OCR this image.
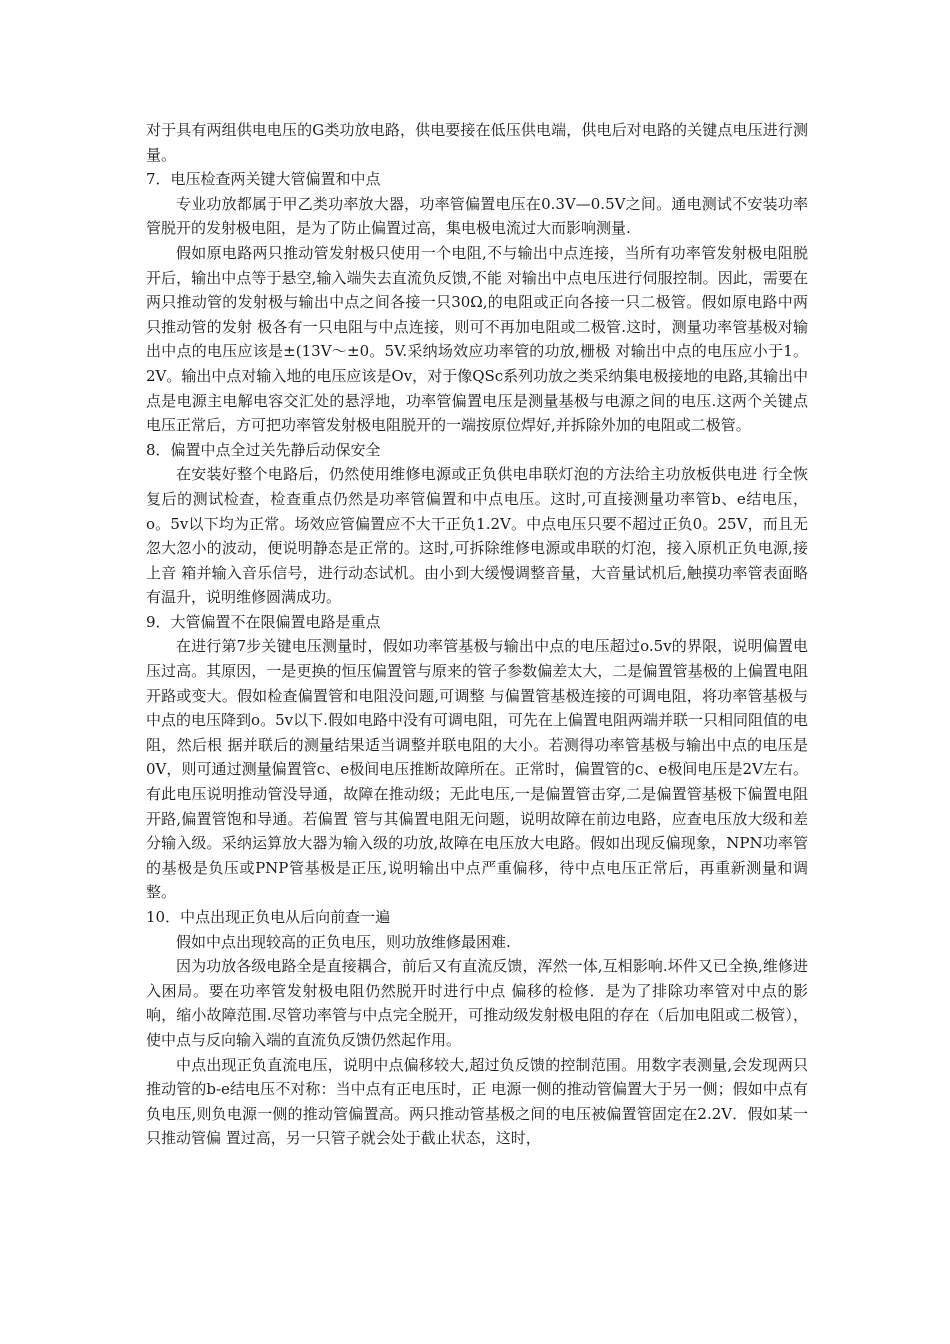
对于具有两组供电电压的G类功放电路，供电要接在低压供电端，供电后对电路的关键点电压进行测量。

7．电压检查两关键大管偏置和中点

专业功放都属于甲乙类功率放大器，功率管偏置电压在0.3V—0.5V之间。通电测试不安装功率管脱开的发射极电阻，是为了防止偏置过高，集电极电流过大而影响测量.

假如原电路两只推动管发射极只使用一个电阻,不与输出中点连接，当所有功率管发射极电阻脱开后，输出中点等于悬空,输入端失去直流负反馈,不能 对输出中点电压进行伺服控制。因此，需要在两只推动管的发射极与输出中点之间各接一只30Ω,的电阻或正向各接一只二极管。假如原电路中两只推动管的发射 极各有一只电阻与中点连接，则可不再加电阻或二极管.这时，测量功率管基极对输出中点的电压应该是±(13V～±0。5V.采纳场效应功率管的功放,栅极 对输出中点的电压应小于1。2V。输出中点对输入地的电压应该是Ov，对于像QSc系列功放之类采纳集电极接地的电路,其输出中点是电源主电解电容交汇处的悬浮地，功率管偏置电压是测量基极与电源之间的电压.这两个关键点电压正常后，方可把功率管发射极电阻脱开的一端按原位焊好,并拆除外加的电阻或二极管。

8．偏置中点全过关先静后动保安全

在安装好整个电路后，仍然使用维修电源或正负供电串联灯泡的方法给主功放板供电进 行全恢复后的测试检查，检查重点仍然是功率管偏置和中点电压。这时,可直接测量功率管b、e结电压，o。5v以下均为正常。场效应管偏置应不大干正负1.2V。中点电压只要不超过正负0。25V，而且无忽大忽小的波动，便说明静态是正常的。这时,可拆除维修电源或串联的灯泡，接入原机正负电源,接上音 箱并输入音乐信号，进行动态试机。由小到大缓慢调整音量，大音量试机后,触摸功率管表面略有温升，说明维修圆满成功。

9．大管偏置不在限偏置电路是重点

在进行第7步关键电压测量时，假如功率管基极与输出中点的电压超过o.5v的界限，说明偏置电压过高。其原因，一是更换的恒压偏置管与原来的管子参数偏差太大，二是偏置管基极的上偏置电阻开路或变大。假如检查偏置管和电阻没问题,可调整 与偏置管基极连接的可调电阻，将功率管基极与中点的电压降到o。5v以下.假如电路中没有可调电阻，可先在上偏置电阻两端并联一只相同阻值的电阻，然后根 据并联后的测量结果适当调整并联电阻的大小。若测得功率管基极与输出中点的电压是0V，则可通过测量偏置管c、e极间电压推断故障所在。正常时，偏置管的c、e极间电压是2V左右。有此电压说明推动管没导通，故障在推动级；无此电压,一是偏置管击穿,二是偏置管基极下偏置电阻开路,偏置管饱和导通。若偏置 管与其偏置电阻无问题，说明故障在前边电路，应查电压放大级和差分输入级。采纳运算放大器为输入级的功放,故障在电压放大电路。假如出现反偏现象，NPN功率管的基极是负压或PNP管基极是正压,说明输出中点严重偏移，待中点电压正常后，再重新测量和调整。

10．中点出现正负电从后向前查一遍

假如中点出现较高的正负电压，则功放维修最困难.

因为功放各级电路全是直接耦合，前后又有直流反馈，浑然一体,互相影响.坏件又已全换,维修进入困局。要在功率管发射极电阻仍然脱开时进行中点 偏移的检修．是为了排除功率管对中点的影响，缩小故障范围.尽管功率管与中点完全脱开，可推动级发射极电阻的存在（后加电阻或二极管），使中点与反向输入端的直流负反馈仍然起作用。

中点出现正负直流电压，说明中点偏移较大,超过负反馈的控制范围。用数字表测量,会发现两只推动管的b-e结电压不对称：当中点有正电压时，正 电源一侧的推动管偏置大于另一侧；假如中点有负电压,则负电源一侧的推动管偏置高。两只推动管基极之间的电压被偏置管固定在2.2V．假如某一只推动管偏 置过高，另一只管子就会处于截止状态，这时，
